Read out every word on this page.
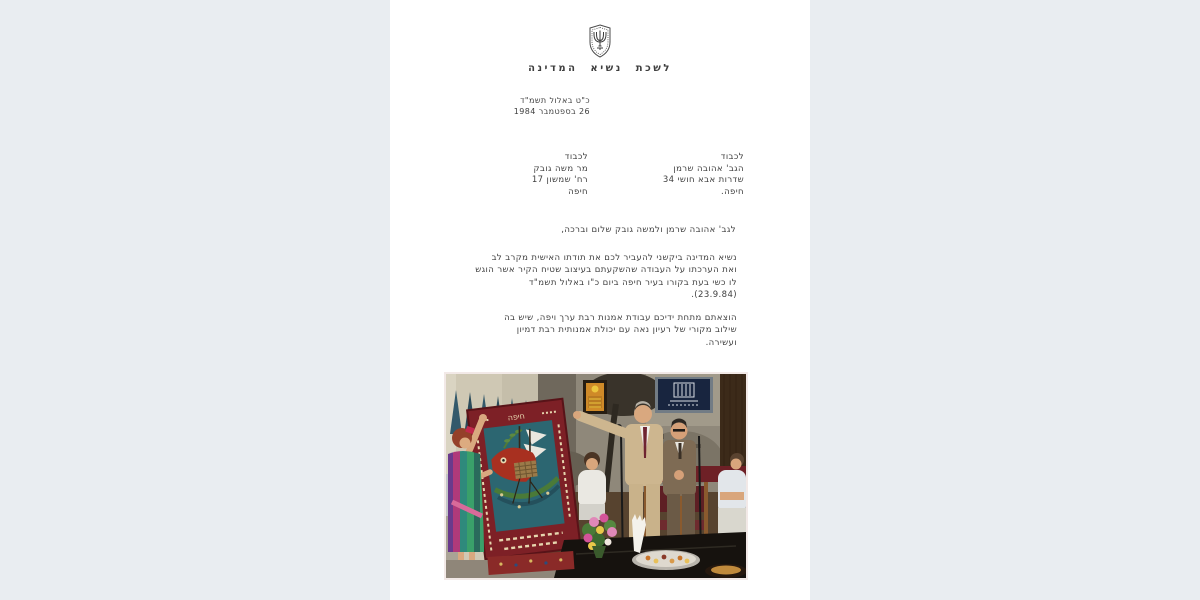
לשכת נשיא המדינה
כ"ט באלול תשמ"ד
26 בספטמבר 1984
לכבוד
הגב' אהובה שרמן
שדרות אבא חושי 34
חיפה.
לכבוד
מר משה גובק
רח' שמשון 17
חיפה
לגב' אהובה שרמן ולמשה גובק שלום וברכה,
נשיא המדינה ביקשני להעביר לכם את תודתו האישית מקרב לב
ואת הערכתו על העבודה שהשקעתם בעיצוב שטיח הקיר אשר הוגש
לו כשי בעת בקורו בעיר חיפה ביום כ"ו באלול תשמ"ד
(23.9.84).
הוצאתם מתחת ידיכם עבודת אמנות רבת ערך ויפה, שיש בה
שילוב מקורי של רעיון נאה עם יכולת אמנותית רבת דמיון
ועשירה.
חיפה
